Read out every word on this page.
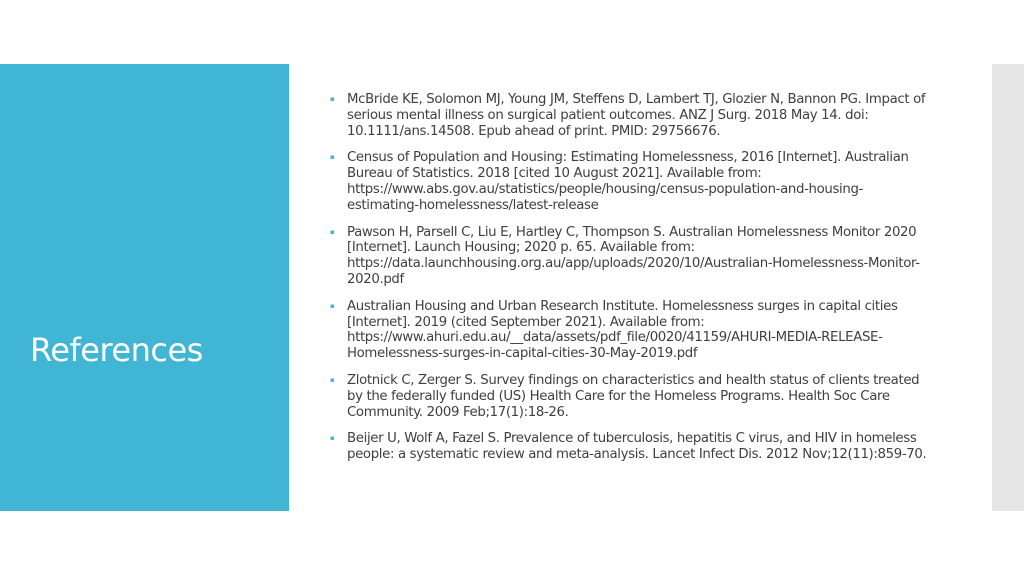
References
▪ McBride KE, Solomon MJ, Young JM, Steffens D, Lambert TJ, Glozier N, Bannon PG. Impact of serious mental illness on surgical patient outcomes. ANZ J Surg. 2018 May 14. doi: 10.1111/ans.14508. Epub ahead of print. PMID: 29756676.
▪ Census of Population and Housing: Estimating Homelessness, 2016 [Internet]. Australian Bureau of Statistics. 2018 [cited 10 August 2021]. Available from: https://www.abs.gov.au/statistics/people/housing/census-population-and-housing- estimating-homelessness/latest-release
▪ Pawson H, Parsell C, Liu E, Hartley C, Thompson S. Australian Homelessness Monitor 2020 [Internet]. Launch Housing; 2020 p. 65. Available from: https://data.launchhousing.org.au/app/uploads/2020/10/Australian-Homelessness-Monitor-2020.pdf
▪ Australian Housing and Urban Research Institute. Homelessness surges in capital cities [Internet]. 2019 (cited September 2021). Available from: https://www.ahuri.edu.au/__data/assets/pdf_file/0020/41159/AHURI-MEDIA-RELEASE- Homelessness-surges-in-capital-cities-30-May-2019.pdf
▪ Zlotnick C, Zerger S. Survey findings on characteristics and health status of clients treated by the federally funded (US) Health Care for the Homeless Programs. Health Soc Care Community. 2009 Feb;17(1):18-26.
▪ Beijer U, Wolf A, Fazel S. Prevalence of tuberculosis, hepatitis C virus, and HIV in homeless people: a systematic review and meta-analysis. Lancet Infect Dis. 2012 Nov;12(11):859-70.
